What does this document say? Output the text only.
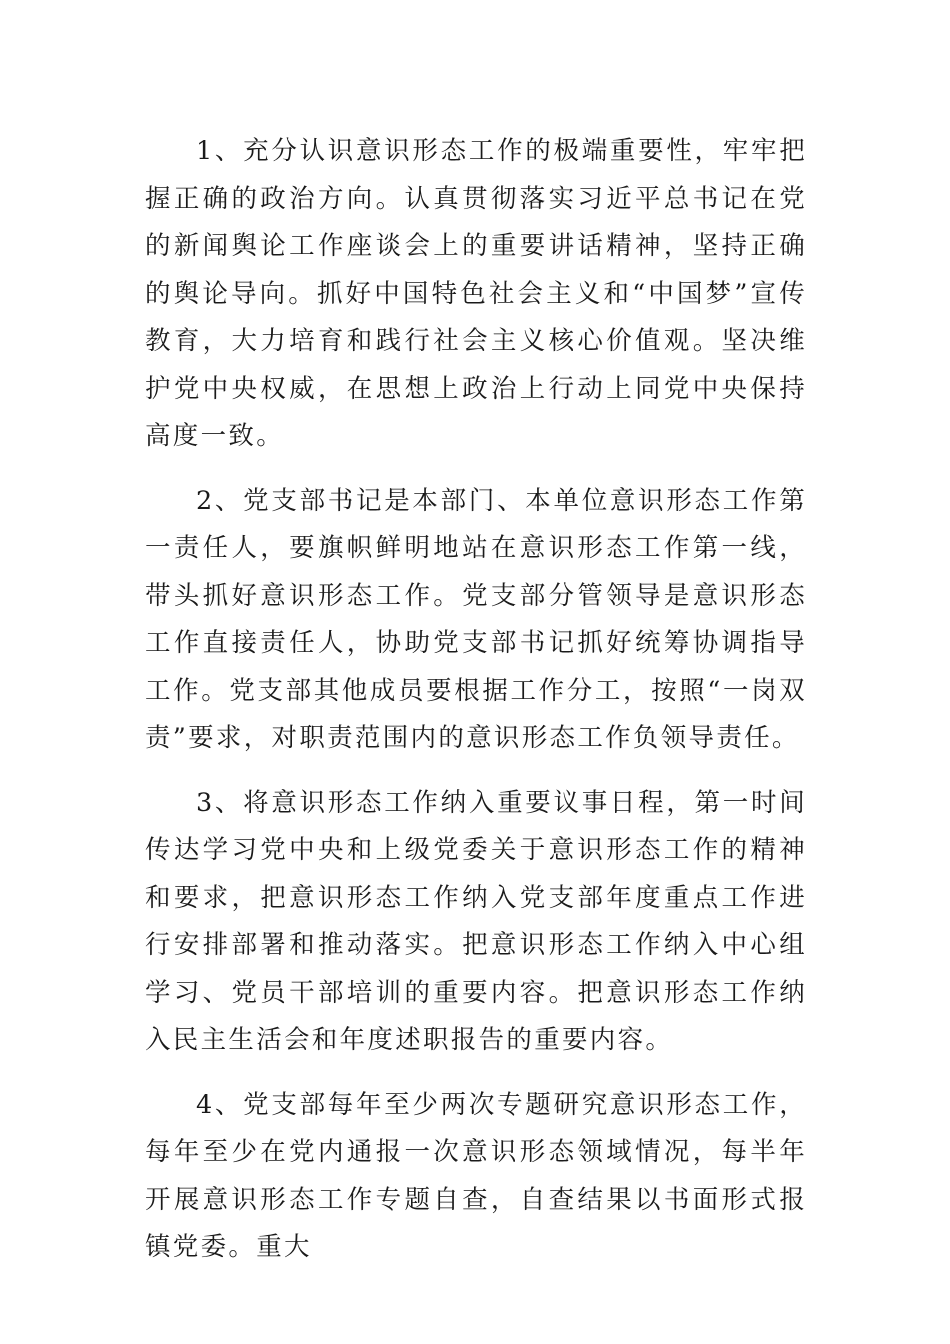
1、充分认识意识形态工作的极端重要性，牢牢把握正确的政治方向。认真贯彻落实习近平总书记在党的新闻舆论工作座谈会上的重要讲话精神，坚持正确的舆论导向。抓好中国特色社会主义和“中国梦”宣传教育，大力培育和践行社会主义核心价值观。坚决维护党中央权威，在思想上政治上行动上同党中央保持高度一致。

2、党支部书记是本部门、本单位意识形态工作第一责任人，要旗帜鲜明地站在意识形态工作第一线，带头抓好意识形态工作。党支部分管领导是意识形态工作直接责任人，协助党支部书记抓好统筹协调指导工作。党支部其他成员要根据工作分工，按照“一岗双责”要求，对职责范围内的意识形态工作负领导责任。

3、将意识形态工作纳入重要议事日程，第一时间传达学习党中央和上级党委关于意识形态工作的精神和要求，把意识形态工作纳入党支部年度重点工作进行安排部署和推动落实。把意识形态工作纳入中心组学习、党员干部培训的重要内容。把意识形态工作纳入民主生活会和年度述职报告的重要内容。

4、党支部每年至少两次专题研究意识形态工作，每年至少在党内通报一次意识形态领域情况，每半年开展意识形态工作专题自查，自查结果以书面形式报镇党委。重大
